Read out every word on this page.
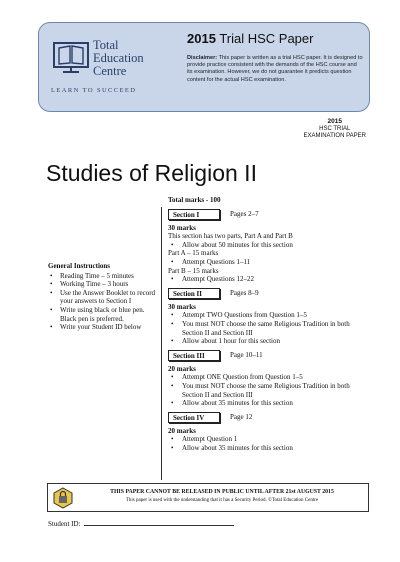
Total
Education
Centre
LEARN TO SUCCEED
2015 Trial HSC Paper
Disclaimer: This paper is written as a trial HSC paper. It is designed to provide practice consistent with the demands of the HSC course and its examination. However, we do not guarantee it predicts question content for the actual HSC examination.
2015
HSC TRIAL
EXAMINATION PAPER
Studies of Religion II
General Instructions
• Reading Time – 5 minutes
• Working Time – 3 hours
• Use the Answer Booklet to record your answers to Section I
• Write using black or blue pen. Black pen is preferred.
• Write your Student ID below
Total marks - 100
Section I	Pages 2–7
30 marks
This section has two parts, Part A and Part B
• Allow about 50 minutes for this section
Part A – 15 marks
• Attempt Questions 1–11
Part B – 15 marks
• Attempt Questions 12–22
Section II	Pages 8–9
30 marks
• Attempt TWO Questions from Question 1–5
• You must NOT choose the same Religious Tradition in both Section II and Section III
• Allow about 1 hour for this section
Section III	Page 10–11
20 marks
• Attempt ONE Question from Question 1–5
• You must NOT choose the same Religious Tradition in both Section II and Section III
• Allow about 35 minutes for this section
Section IV	Page 12
20 marks
• Attempt Question 1
• Allow about 35 minutes for this section
THIS PAPER CANNOT BE RELEASED IN PUBLIC UNTIL AFTER 21st AUGUST 2015
This paper is used with the understanding that it has a Security Period. ©Total Education Centre
Student ID:
